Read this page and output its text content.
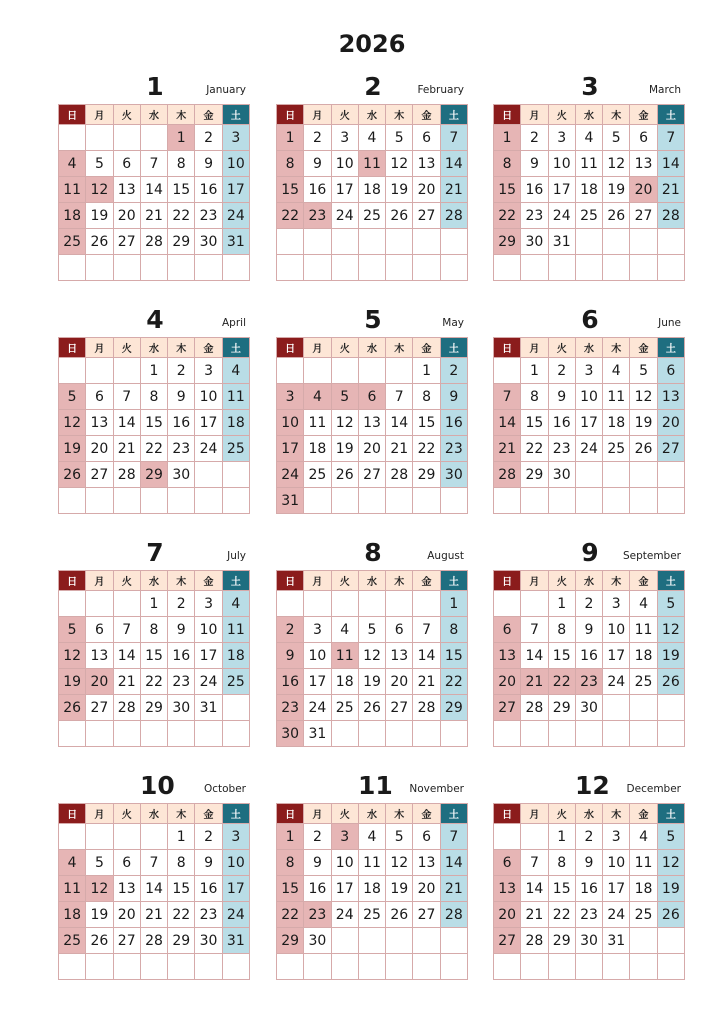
2026
1	January
日	月	火	水	木	金	土
				1	2	3
4	5	6	7	8	9	10
11	12	13	14	15	16	17
18	19	20	21	22	23	24
25	26	27	28	29	30	31

2	February
日	月	火	水	木	金	土
1	2	3	4	5	6	7
8	9	10	11	12	13	14
15	16	17	18	19	20	21
22	23	24	25	26	27	28

3	March
日	月	火	水	木	金	土
1	2	3	4	5	6	7
8	9	10	11	12	13	14
15	16	17	18	19	20	21
22	23	24	25	26	27	28
29	30	31				

4	April
日	月	火	水	木	金	土
			1	2	3	4
5	6	7	8	9	10	11
12	13	14	15	16	17	18
19	20	21	22	23	24	25
26	27	28	29	30		

5	May
日	月	火	水	木	金	土
					1	2
3	4	5	6	7	8	9
10	11	12	13	14	15	16
17	18	19	20	21	22	23
24	25	26	27	28	29	30
31						
6	June
日	月	火	水	木	金	土
	1	2	3	4	5	6
7	8	9	10	11	12	13
14	15	16	17	18	19	20
21	22	23	24	25	26	27
28	29	30				

7	July
日	月	火	水	木	金	土
			1	2	3	4
5	6	7	8	9	10	11
12	13	14	15	16	17	18
19	20	21	22	23	24	25
26	27	28	29	30	31	

8	August
日	月	火	水	木	金	土
						1
2	3	4	5	6	7	8
9	10	11	12	13	14	15
16	17	18	19	20	21	22
23	24	25	26	27	28	29
30	31					
9	September
日	月	火	水	木	金	土
		1	2	3	4	5
6	7	8	9	10	11	12
13	14	15	16	17	18	19
20	21	22	23	24	25	26
27	28	29	30			

10	October
日	月	火	水	木	金	土
				1	2	3
4	5	6	7	8	9	10
11	12	13	14	15	16	17
18	19	20	21	22	23	24
25	26	27	28	29	30	31

11 November
日	月	火	水	木	金	土
1	2	3	4	5	6	7
8	9	10	11	12	13	14
15	16	17	18	19	20	21
22	23	24	25	26	27	28
29	30					

12 December
日	月	火	水	木	金	土
		1	2	3	4	5
6	7	8	9	10	11	12
13	14	15	16	17	18	19
20	21	22	23	24	25	26
27	28	29	30	31		
